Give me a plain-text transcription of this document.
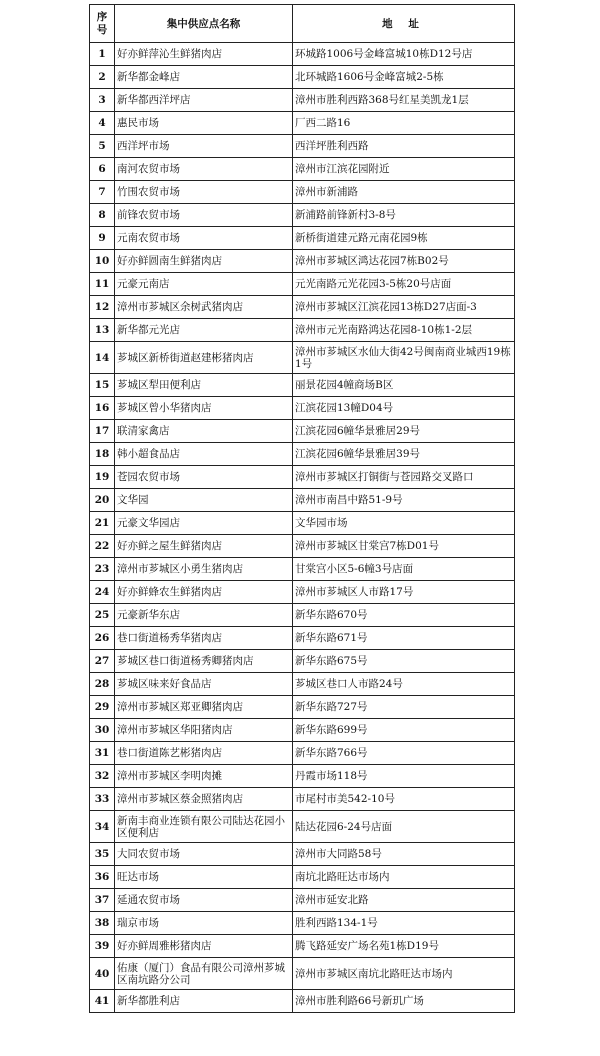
序号	集中供应点名称	地 址
1	好亦鲜萍沁生鲜猪肉店	环城路1006号金峰富城10栋D12号店
2	新华都金峰店	北环城路1606号金峰富城2-5栋
3	新华都西洋坪店	漳州市胜利西路368号红星美凯龙1层
4	惠民市场	厂西二路16
5	西洋坪市场	西洋坪胜利西路
6	南河农贸市场	漳州市江滨花园附近
7	竹围农贸市场	漳州市新浦路
8	前锋农贸市场	新浦路前锋新村3-8号
9	元南农贸市场	新桥街道建元路元南花园9栋
10	好亦鲜圆南生鲜猪肉店	漳州市芗城区鸿达花园7栋B02号
11	元豪元南店	元光南路元光花园3-5栋20号店面
12	漳州市芗城区余树武猪肉店	漳州市芗城区江滨花园13栋D27店面-3
13	新华都元光店	漳州市元光南路鸿达花园8-10栋1-2层
14	芗城区新桥街道赵建彬猪肉店	漳州市芗城区水仙大街42号闽南商业城西19栋1号
15	芗城区犁田便利店	丽景花园4幢商场B区
16	芗城区曾小华猪肉店	江滨花园13幢D04号
17	联清家禽店	江滨花园6幢华景雅居29号
18	韩小超食品店	江滨花园6幢华景雅居39号
19	苍园农贸市场	漳州市芗城区打铜街与苍园路交叉路口
20	文华园	漳州市南昌中路51-9号
21	元豪文华园店	文华园市场
22	好亦鲜之屋生鲜猪肉店	漳州市芗城区甘棠宫7栋D01号
23	漳州市芗城区小勇生猪肉店	甘棠宫小区5-6幢3号店面
24	好亦鲜蜂农生鲜猪肉店	漳州市芗城区人市路17号
25	元豪新华东店	新华东路670号
26	巷口街道杨秀华猪肉店	新华东路671号
27	芗城区巷口街道杨秀卿猪肉店	新华东路675号
28	芗城区味来好食品店	芗城区巷口人市路24号
29	漳州市芗城区郑亚卿猪肉店	新华东路727号
30	漳州市芗城区华阳猪肉店	新华东路699号
31	巷口街道陈艺彬猪肉店	新华东路766号
32	漳州市芗城区李明肉摊	丹霞市场118号
33	漳州市芗城区蔡金照猪肉店	市尾村市美542-10号
34	新南丰商业连锁有限公司陆达花园小区便利店	陆达花园6-24号店面
35	大同农贸市场	漳州市大同路58号
36	旺达市场	南坑北路旺达市场内
37	延通农贸市场	漳州市延安北路
38	瑞京市场	胜利西路134-1号
39	好亦鲜周雅彬猪肉店	腾飞路延安广场名苑1栋D19号
40	佑康（厦门）食品有限公司漳州芗城区南坑路分公司	漳州市芗城区南坑北路旺达市场内
41	新华都胜利店	漳州市胜利路66号新玑广场
